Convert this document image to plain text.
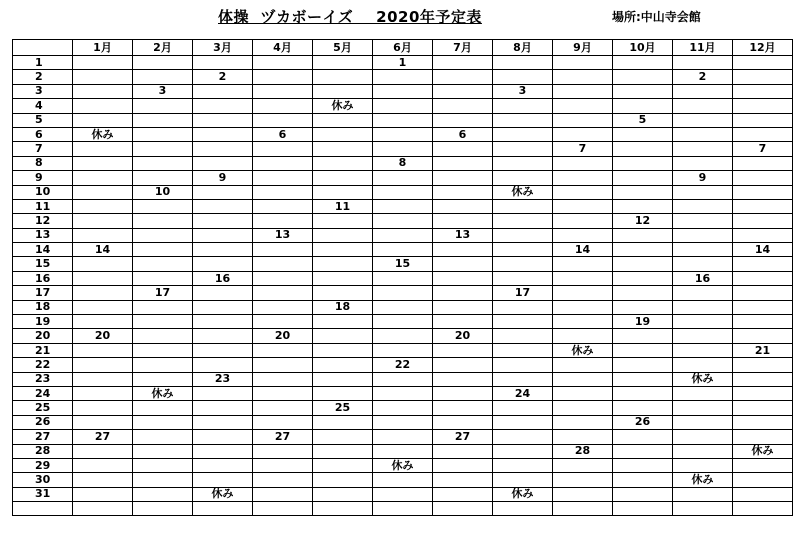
体操  ヅカボーイズ    2020年予定表	場所:中山寺会館
	1月	2月	3月	4月	5月	6月	7月	8月	9月	10月	11月	12月
1						1						
2			2								2	
3		3						3				
4					休み							
5										5		
6	休み			6			6					
7									7			7
8						8						
9			9								9	
10		10						休み				
11					11							
12										12		
13				13			13					
14	14								14			14
15						15						
16			16								16	
17		17						17				
18					18							
19										19		
20	20			20			20					
21									休み			21
22						22						
23			23								休み	
24		休み						24				
25					25							
26										26		
27	27			27			27					
28									28			休み
29						休み						
30											休み	
31			休み					休み				
